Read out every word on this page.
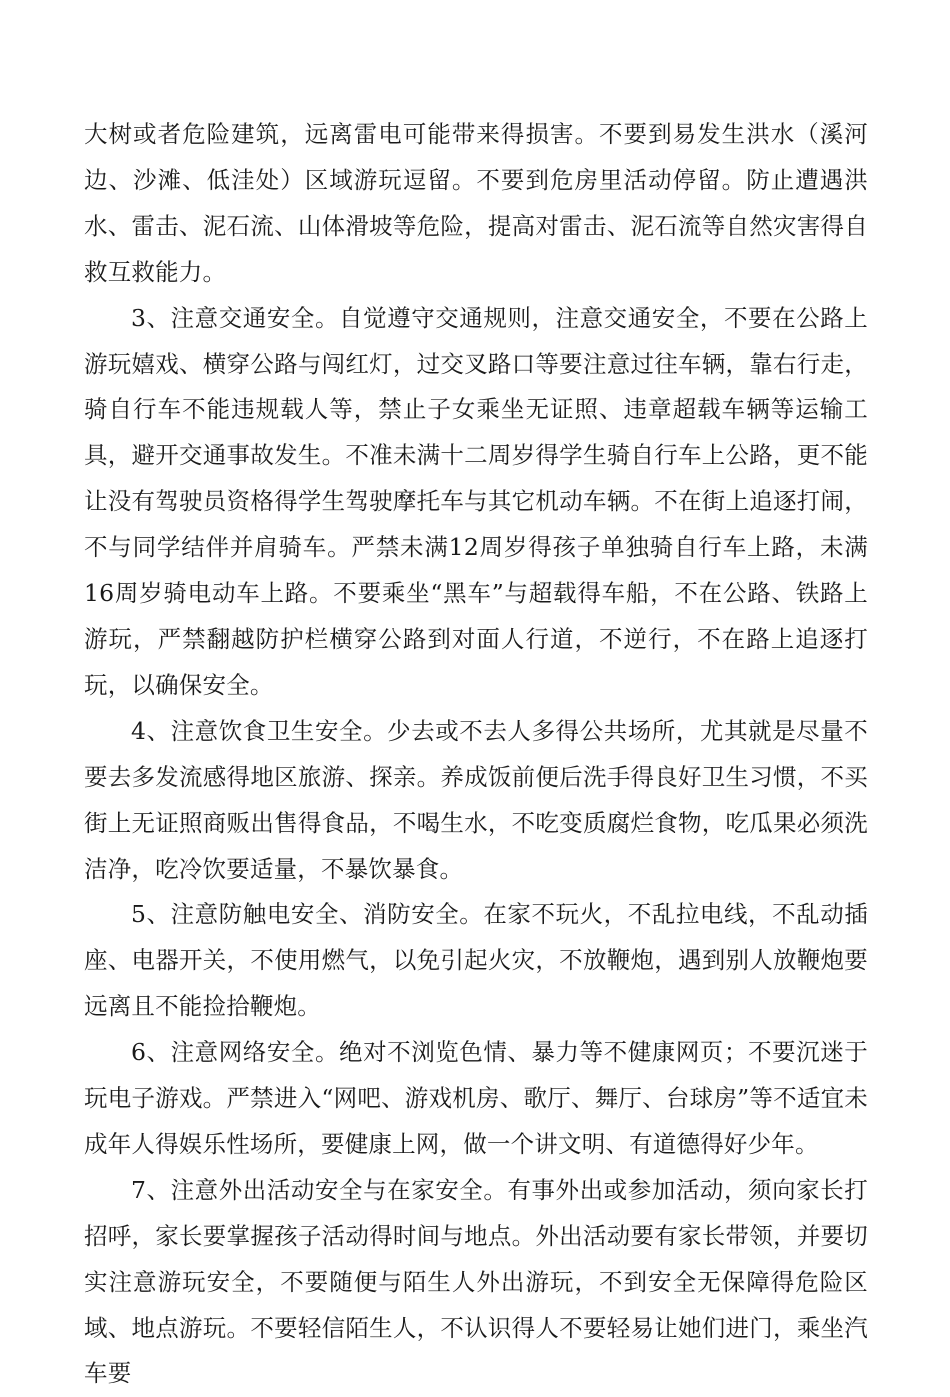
大树或者危险建筑，远离雷电可能带来得损害。不要到易发生洪水（溪河边、沙滩、低洼处）区域游玩逗留。不要到危房里活动停留。防止遭遇洪水、雷击、泥石流、山体滑坡等危险，提高对雷击、泥石流等自然灾害得自救互救能力。

3、注意交通安全。自觉遵守交通规则，注意交通安全，不要在公路上游玩嬉戏、横穿公路与闯红灯，过交叉路口等要注意过往车辆，靠右行走，骑自行车不能违规载人等，禁止子女乘坐无证照、违章超载车辆等运输工具，避开交通事故发生。不准未满十二周岁得学生骑自行车上公路，更不能让没有驾驶员资格得学生驾驶摩托车与其它机动车辆。不在街上追逐打闹，不与同学结伴并肩骑车。严禁未满12周岁得孩子单独骑自行车上路，未满16周岁骑电动车上路。不要乘坐“黑车”与超载得车船，不在公路、铁路上游玩，严禁翻越防护栏横穿公路到对面人行道，不逆行，不在路上追逐打玩，以确保安全。

4、注意饮食卫生安全。少去或不去人多得公共场所，尤其就是尽量不要去多发流感得地区旅游、探亲。养成饭前便后洗手得良好卫生习惯，不买街上无证照商贩出售得食品，不喝生水，不吃变质腐烂食物，吃瓜果必须洗洁净，吃冷饮要适量，不暴饮暴食。

5、注意防触电安全、消防安全。在家不玩火，不乱拉电线，不乱动插座、电器开关，不使用燃气，以免引起火灾，不放鞭炮，遇到别人放鞭炮要远离且不能捡拾鞭炮。

6、注意网络安全。绝对不浏览色情、暴力等不健康网页；不要沉迷于玩电子游戏。严禁进入“网吧、游戏机房、歌厅、舞厅、台球房”等不适宜未成年人得娱乐性场所，要健康上网，做一个讲文明、有道德得好少年。

7、注意外出活动安全与在家安全。有事外出或参加活动，须向家长打招呼，家长要掌握孩子活动得时间与地点。外出活动要有家长带领，并要切实注意游玩安全，不要随便与陌生人外出游玩，不到安全无保障得危险区域、地点游玩。不要轻信陌生人，不认识得人不要轻易让她们进门，乘坐汽车要
